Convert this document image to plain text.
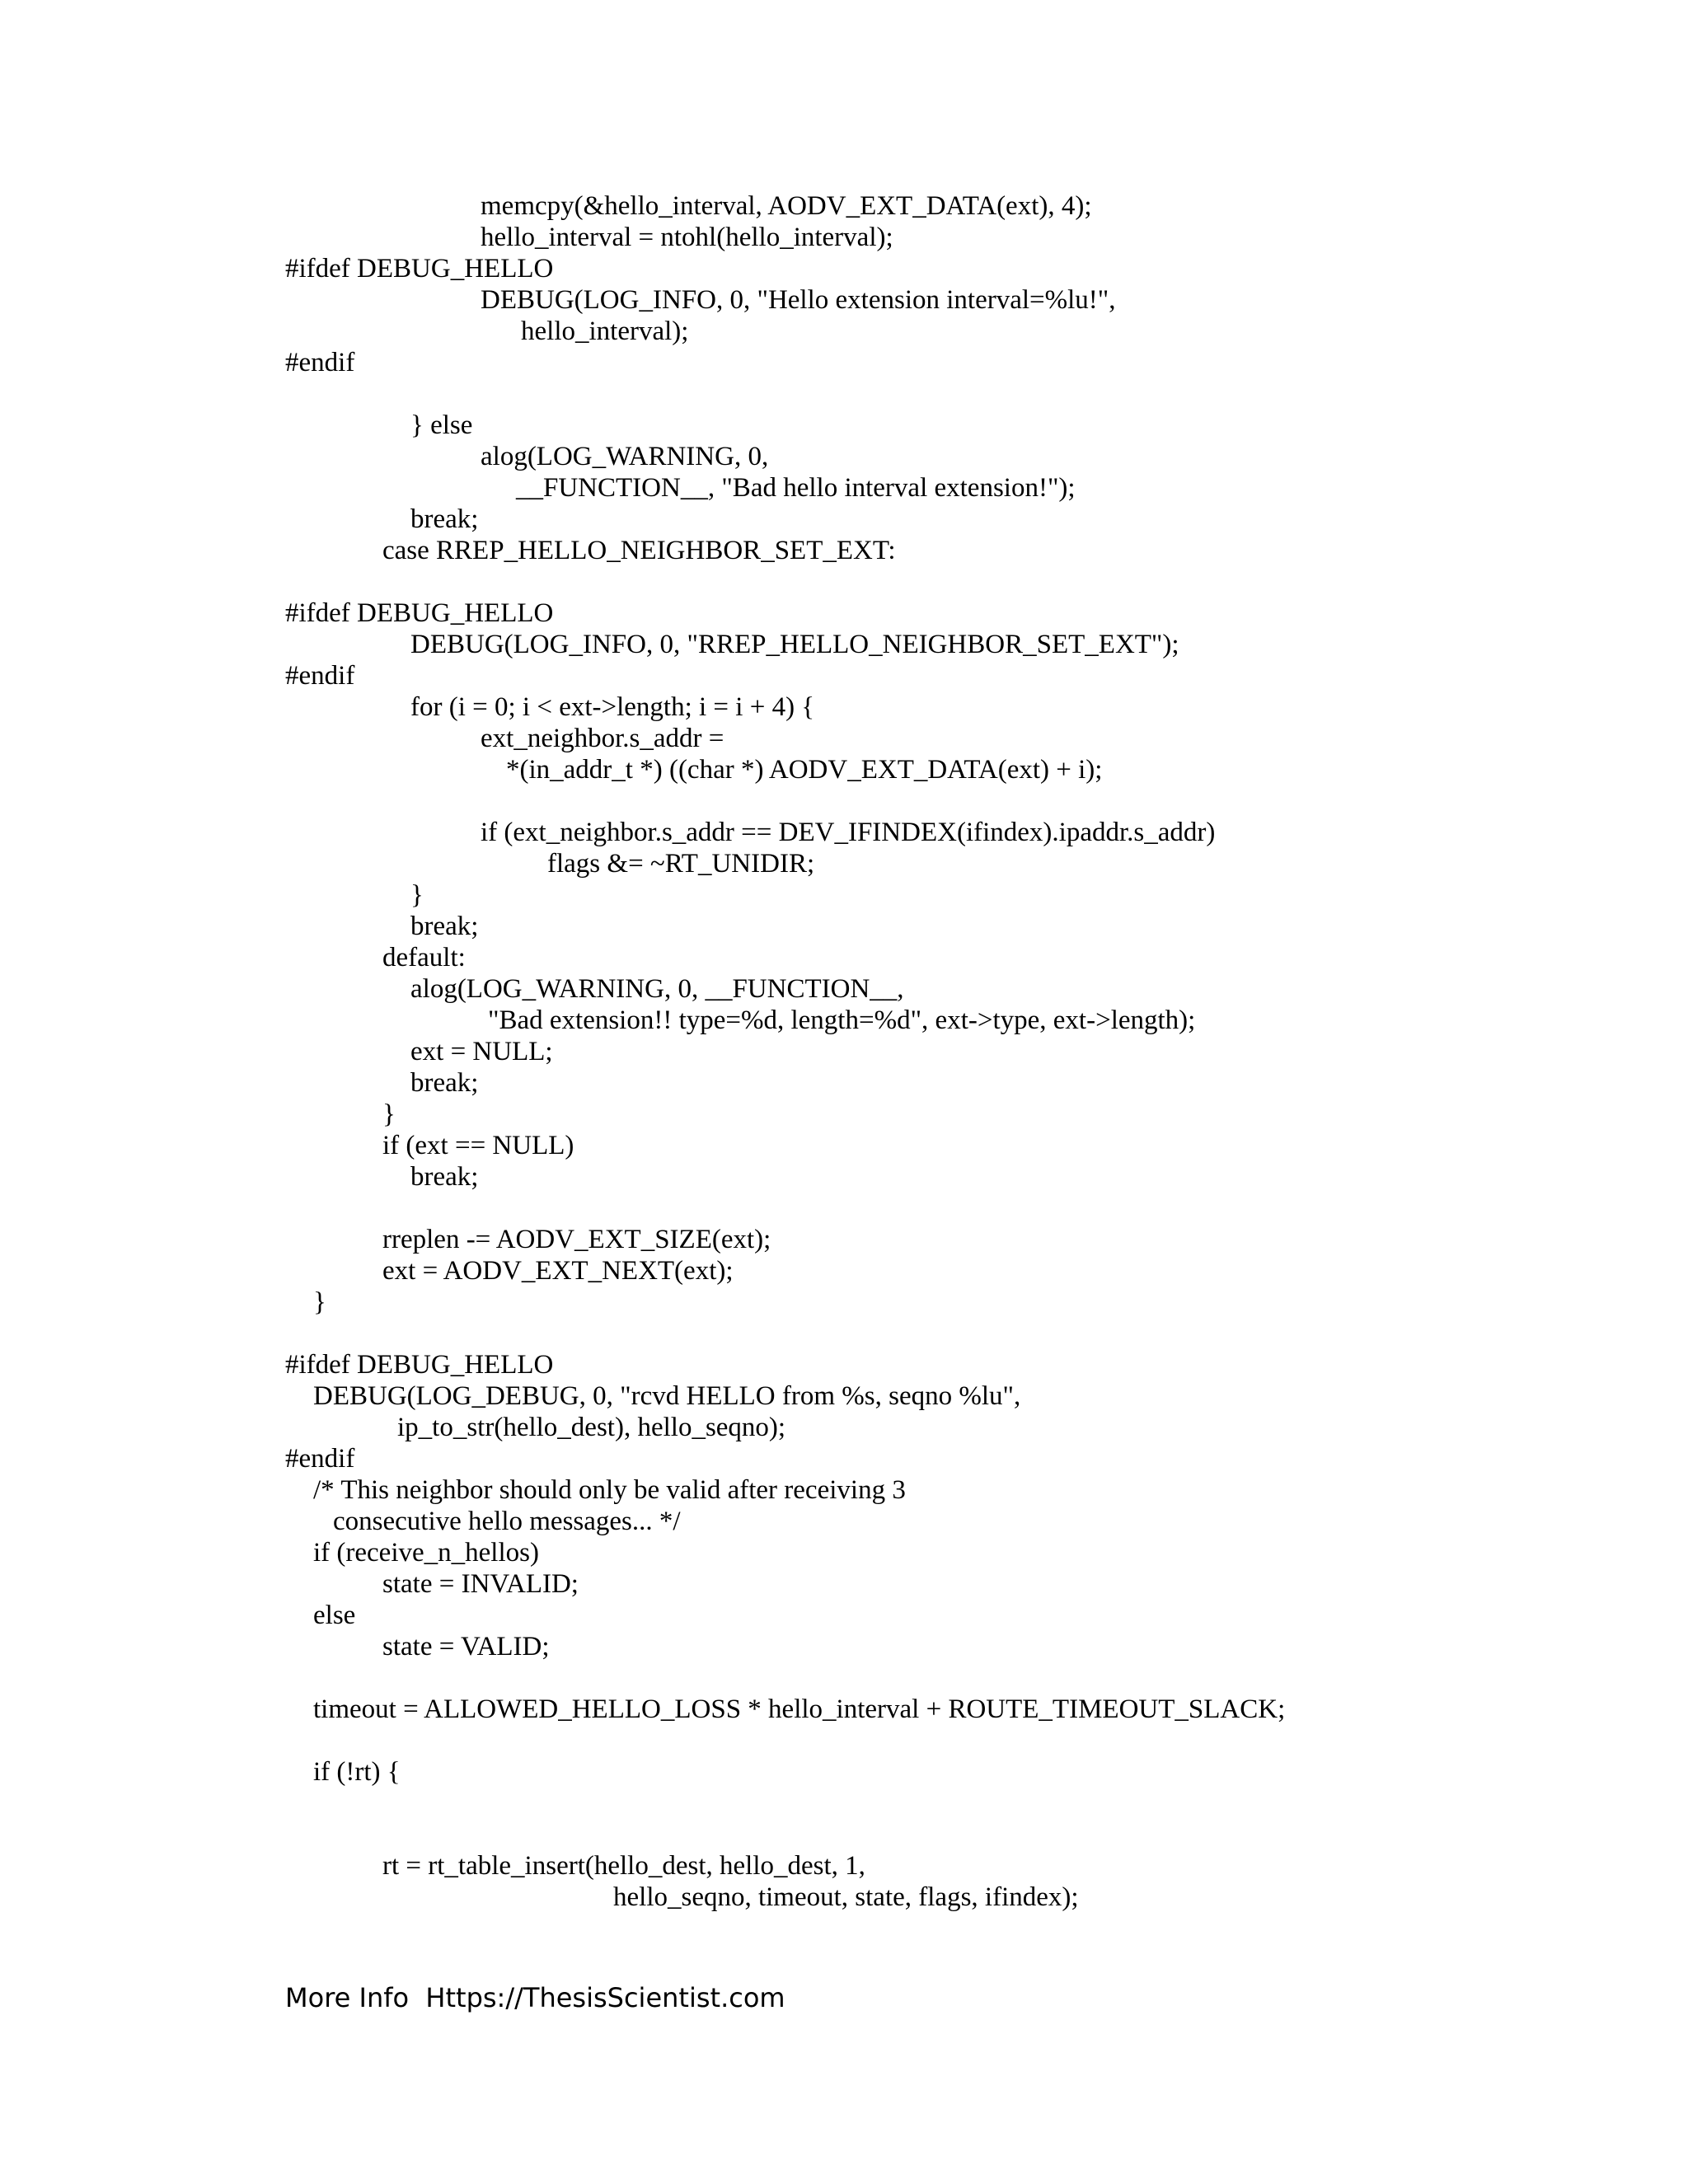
memcpy(&hello_interval, AODV_EXT_DATA(ext), 4);
hello_interval = ntohl(hello_interval);
#ifdef DEBUG_HELLO
DEBUG(LOG_INFO, 0, "Hello extension interval=%lu!",
hello_interval);
#endif
} else
alog(LOG_WARNING, 0,
__FUNCTION__, "Bad hello interval extension!");
break;
case RREP_HELLO_NEIGHBOR_SET_EXT:
#ifdef DEBUG_HELLO
DEBUG(LOG_INFO, 0, "RREP_HELLO_NEIGHBOR_SET_EXT");
#endif
for (i = 0; i < ext->length; i = i + 4) {
ext_neighbor.s_addr =
*(in_addr_t *) ((char *) AODV_EXT_DATA(ext) + i);
if (ext_neighbor.s_addr == DEV_IFINDEX(ifindex).ipaddr.s_addr)
flags &= ~RT_UNIDIR;
}
break;
default:
alog(LOG_WARNING, 0, __FUNCTION__,
"Bad extension!! type=%d, length=%d", ext->type, ext->length);
ext = NULL;
break;
}
if (ext == NULL)
break;
rreplen -= AODV_EXT_SIZE(ext);
ext = AODV_EXT_NEXT(ext);
}
#ifdef DEBUG_HELLO
DEBUG(LOG_DEBUG, 0, "rcvd HELLO from %s, seqno %lu",
ip_to_str(hello_dest), hello_seqno);
#endif
/* This neighbor should only be valid after receiving 3
consecutive hello messages... */
if (receive_n_hellos)
state = INVALID;
else
state = VALID;
timeout = ALLOWED_HELLO_LOSS * hello_interval + ROUTE_TIMEOUT_SLACK;
if (!rt) {
rt = rt_table_insert(hello_dest, hello_dest, 1,
hello_seqno, timeout, state, flags, ifindex);
More Info  Https://ThesisScientist.com
